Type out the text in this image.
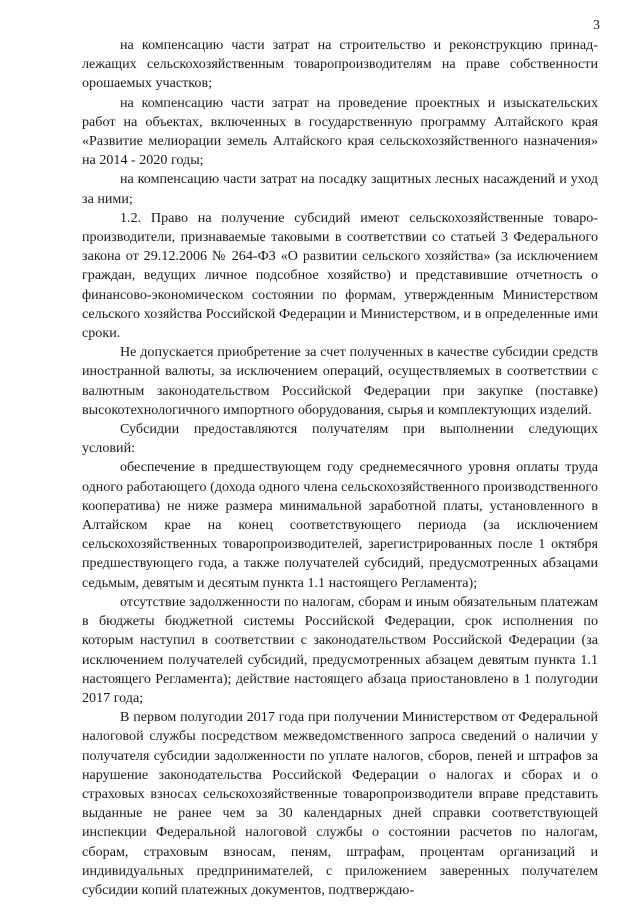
3

на компенсацию части затрат на строительство и реконструкцию принадлежащих сельскохозяйственным товаропроизводителям на праве собственности орошаемых участков;

на компенсацию части затрат на проведение проектных и изыскательских работ на объектах, включенных в государственную программу Алтайского края «Развитие мелиорации земель Алтайского края сельскохозяйственного назначения» на 2014 - 2020 годы;

на компенсацию части затрат на посадку защитных лесных насаждений и уход за ними;

1.2. Право на получение субсидий имеют сельскохозяйственные товаропроизводители, признаваемые таковыми в соответствии со статьей 3 Федерального закона от 29.12.2006 № 264-ФЗ «О развитии сельского хозяйства» (за исключением граждан, ведущих личное подсобное хозяйство) и представившие отчетность о финансово-экономическом состоянии по формам, утвержденным Министерством сельского хозяйства Российской Федерации и Министерством, и в определенные ими сроки.

Не допускается приобретение за счет полученных в качестве субсидии средств иностранной валюты, за исключением операций, осуществляемых в соответствии с валютным законодательством Российской Федерации при закупке (поставке) высокотехнологичного импортного оборудования, сырья и комплектующих изделий.

Субсидии предоставляются получателям при выполнении следующих условий:

обеспечение в предшествующем году среднемесячного уровня оплаты труда одного работающего (дохода одного члена сельскохозяйственного производственного кооператива) не ниже размера минимальной заработной платы, установленного в Алтайском крае на конец соответствующего периода (за исключением сельскохозяйственных товаропроизводителей, зарегистрированных после 1 октября предшествующего года, а также получателей субсидий, предусмотренных абзацами седьмым, девятым и десятым пункта 1.1 настоящего Регламента);

отсутствие задолженности по налогам, сборам и иным обязательным платежам в бюджеты бюджетной системы Российской Федерации, срок исполнения по которым наступил в соответствии с законодательством Российской Федерации (за исключением получателей субсидий, предусмотренных абзацем девятым пункта 1.1 настоящего Регламента); действие настоящего абзаца приостановлено в 1 полугодии 2017 года;

В первом полугодии 2017 года при получении Министерством от Федеральной налоговой службы посредством межведомственного запроса сведений о наличии у получателя субсидии задолженности по уплате налогов, сборов, пеней и штрафов за нарушение законодательства Российской Федерации о налогах и сборах и о страховых взносах сельскохозяйственные товаропроизводители вправе представить выданные не ранее чем за 30 календарных дней справки соответствующей инспекции Федеральной налоговой службы о состоянии расчетов по налогам, сборам, страховым взносам, пеням, штрафам, процентам организаций и индивидуальных предпринимателей, с приложением заверенных получателем субсидии копий платежных документов, подтверждаю-
